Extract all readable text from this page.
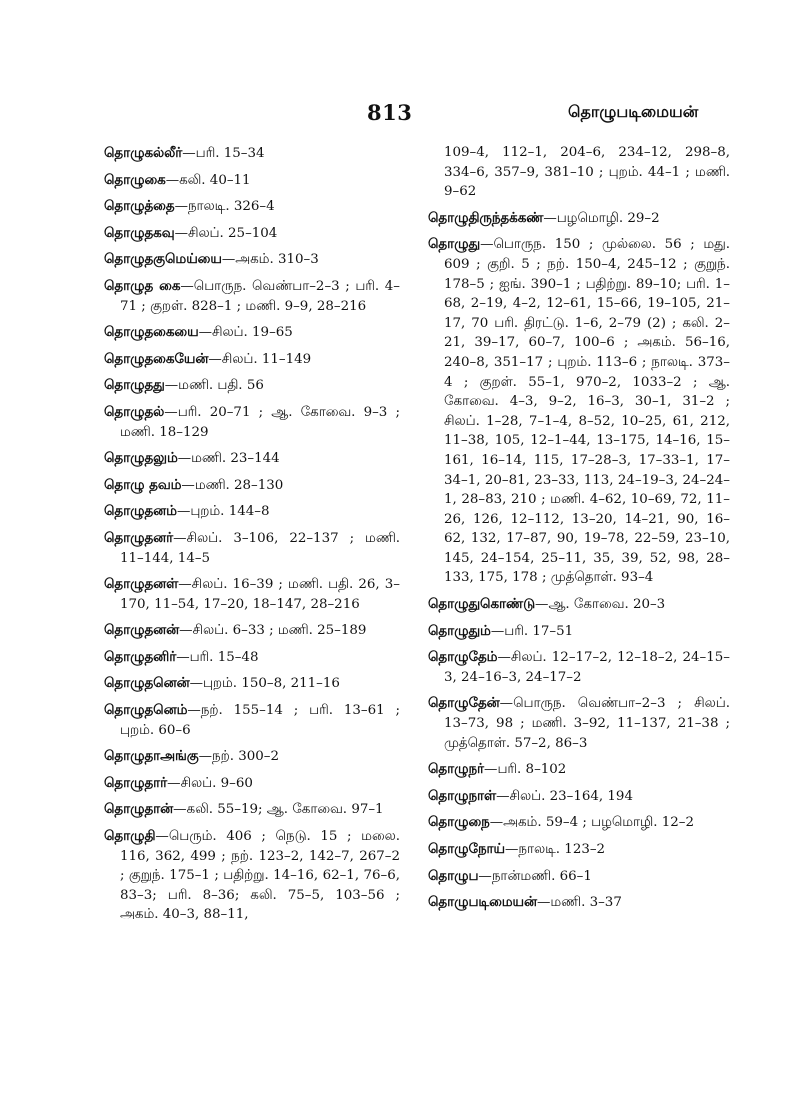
813	தொழுபடிமையன்

தொழுகல்லீர்—பரி. 15–34

தொழுகை—கலி. 40–11

தொழுத்தை—நாலடி. 326–4

தொழுதகவு—சிலப். 25–104

தொழுதகுமெய்யை—அகம். 310–3

தொழுத கை—பொருந. வெண்பா–2–3 ; பரி. 4–71 ; குறள். 828–1 ; மணி. 9–9, 28–216

தொழுதகையை—சிலப். 19–65

தொழுதகையேன்—சிலப். 11–149

தொழுதது—மணி. பதி. 56

தொழுதல்—பரி. 20–71 ; ஆ. கோவை. 9–3 ; மணி. 18–129

தொழுதலும்—மணி. 23–144

தொழு தவம்—மணி. 28–130

தொழுதனம்—புறம். 144–8

தொழுதனர்—சிலப். 3–106, 22–137 ; மணி. 11–144, 14–5

தொழுதனள்—சிலப். 16–39 ; மணி. பதி. 26, 3–170, 11–54, 17–20, 18–147, 28–216

தொழுதனன்—சிலப். 6–33 ; மணி. 25–189

தொழுதனிர்—பரி. 15–48

தொழுதனென்—புறம். 150–8, 211–16

தொழுதனெம்—நற். 155–14 ; பரி. 13–61 ; புறம். 60–6

தொழுதாஅங்கு—நற். 300–2

தொழுதார்—சிலப். 9–60

தொழுதான்—கலி. 55–19; ஆ. கோவை. 97–1

தொழுதி—பெரும். 406 ; நெடு. 15 ; மலை. 116, 362, 499 ; நற். 123–2, 142–7, 267–2 ; குறுந். 175–1 ; பதிற்று. 14–16, 62–1, 76–6, 83–3; பரி. 8–36; கலி. 75–5, 103–56 ; அகம். 40–3, 88–11,

109–4, 112–1, 204–6, 234–12, 298–8, 334–6, 357–9, 381–10 ; புறம். 44–1 ; மணி. 9–62

தொழுதிருந்தக்கண்—பழமொழி. 29–2

தொழுது—பொருந. 150 ; முல்லை. 56 ; மது. 609 ; குறி. 5 ; நற். 150–4, 245–12 ; குறுந். 178–5 ; ஐங். 390–1 ; பதிற்று. 89–10; பரி. 1–68, 2–19, 4–2, 12–61, 15–66, 19–105, 21–17, 70 பரி. திரட்டு. 1–6, 2–79 (2) ; கலி. 2–21, 39–17, 60–7, 100–6 ; அகம். 56–16, 240–8, 351–17 ; புறம். 113–6 ; நாலடி. 373–4 ; குறள். 55–1, 970–2, 1033–2 ; ஆ. கோவை. 4–3, 9–2, 16–3, 30–1, 31–2 ; சிலப். 1–28, 7–1–4, 8–52, 10–25, 61, 212, 11–38, 105, 12–1–44, 13–175, 14–16, 15–161, 16–14, 115, 17–28–3, 17–33–1, 17–34–1, 20–81, 23–33, 113, 24–19–3, 24–24–1, 28–83, 210 ; மணி. 4–62, 10–69, 72, 11–26, 126, 12–112, 13–20, 14–21, 90, 16–62, 132, 17–87, 90, 19–78, 22–59, 23–10, 145, 24–154, 25–11, 35, 39, 52, 98, 28–133, 175, 178 ; முத்தொள். 93–4

தொழுதுகொண்டு—ஆ. கோவை. 20–3

தொழுதும்—பரி. 17–51

தொழுதேம்—சிலப். 12–17–2, 12–18–2, 24–15–3, 24–16–3, 24–17–2

தொழுதேன்—பொருந. வெண்பா–2–3 ; சிலப். 13–73, 98 ; மணி. 3–92, 11–137, 21–38 ; முத்தொள். 57–2, 86–3

தொழுநர்—பரி. 8–102

தொழுநாள்—சிலப். 23–164, 194

தொழுநை—அகம். 59–4 ; பழமொழி. 12–2

தொழுநோய்—நாலடி. 123–2

தொழுப—நான்மணி. 66–1

தொழுபடிமையன்—மணி. 3–37
